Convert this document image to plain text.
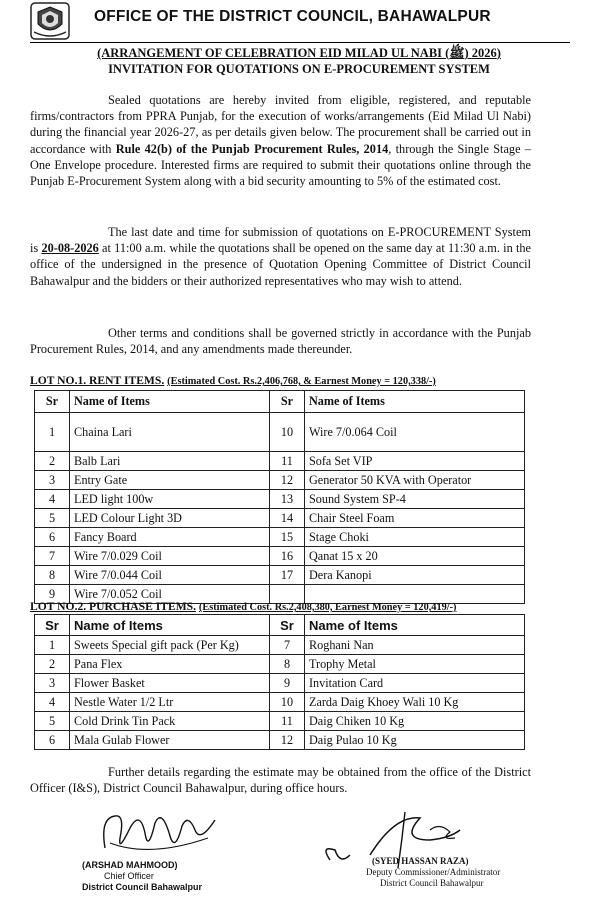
OFFICE OF THE DISTRICT COUNCIL, BAHAWALPUR
(ARRANGEMENT OF CELEBRATION EID MILAD UL NABI (ﷺ) 2026)
INVITATION FOR QUOTATIONS ON E-PROCUREMENT SYSTEM
Sealed quotations are hereby invited from eligible, registered, and reputable firms/contractors from PPRA Punjab, for the execution of works/arrangements (Eid Milad Ul Nabi) during the financial year 2026-27, as per details given below. The procurement shall be carried out in accordance with Rule 42(b) of the Punjab Procurement Rules, 2014, through the Single Stage – One Envelope procedure. Interested firms are required to submit their quotations online through the Punjab E-Procurement System along with a bid security amounting to 5% of the estimated cost.
The last date and time for submission of quotations on E-PROCUREMENT System is 20-08-2026 at 11:00 a.m. while the quotations shall be opened on the same day at 11:30 a.m. in the office of the undersigned in the presence of Quotation Opening Committee of District Council Bahawalpur and the bidders or their authorized representatives who may wish to attend.
Other terms and conditions shall be governed strictly in accordance with the Punjab Procurement Rules, 2014, and any amendments made thereunder.
LOT NO.1. RENT ITEMS. (Estimated Cost. Rs.2,406,768, & Earnest Money = 120,338/-)
Sr	Name of Items	Sr	Name of Items
1	Chaina Lari	10	Wire 7/0.064 Coil
2	Balb Lari	11	Sofa Set VIP
3	Entry Gate	12	Generator 50 KVA with Operator
4	LED light 100w	13	Sound System SP-4
5	LED Colour Light 3D	14	Chair Steel Foam
6	Fancy Board	15	Stage Choki
7	Wire 7/0.029 Coil	16	Qanat 15 x 20
8	Wire 7/0.044 Coil	17	Dera Kanopi
9	Wire 7/0.052 Coil		
LOT NO.2. PURCHASE ITEMS. (Estimated Cost. Rs.2,408,380, Earnest Money = 120,419/-)
Sr	Name of Items	Sr	Name of Items
1	Sweets Special gift pack (Per Kg)	7	Roghani Nan
2	Pana Flex	8	Trophy Metal
3	Flower Basket	9	Invitation Card
4	Nestle Water 1/2 Ltr	10	Zarda Daig Khoey Wali 10 Kg
5	Cold Drink Tin Pack	11	Daig Chiken 10 Kg
6	Mala Gulab Flower	12	Daig Pulao 10 Kg
Further details regarding the estimate may be obtained from the office of the District Officer (I&S), District Council Bahawalpur, during office hours.
(ARSHAD MAHMOOD)
Chief Officer
District Council Bahawalpur
(SYED HASSAN RAZA)
Deputy Commissioner/Administrator
District Council Bahawalpur
